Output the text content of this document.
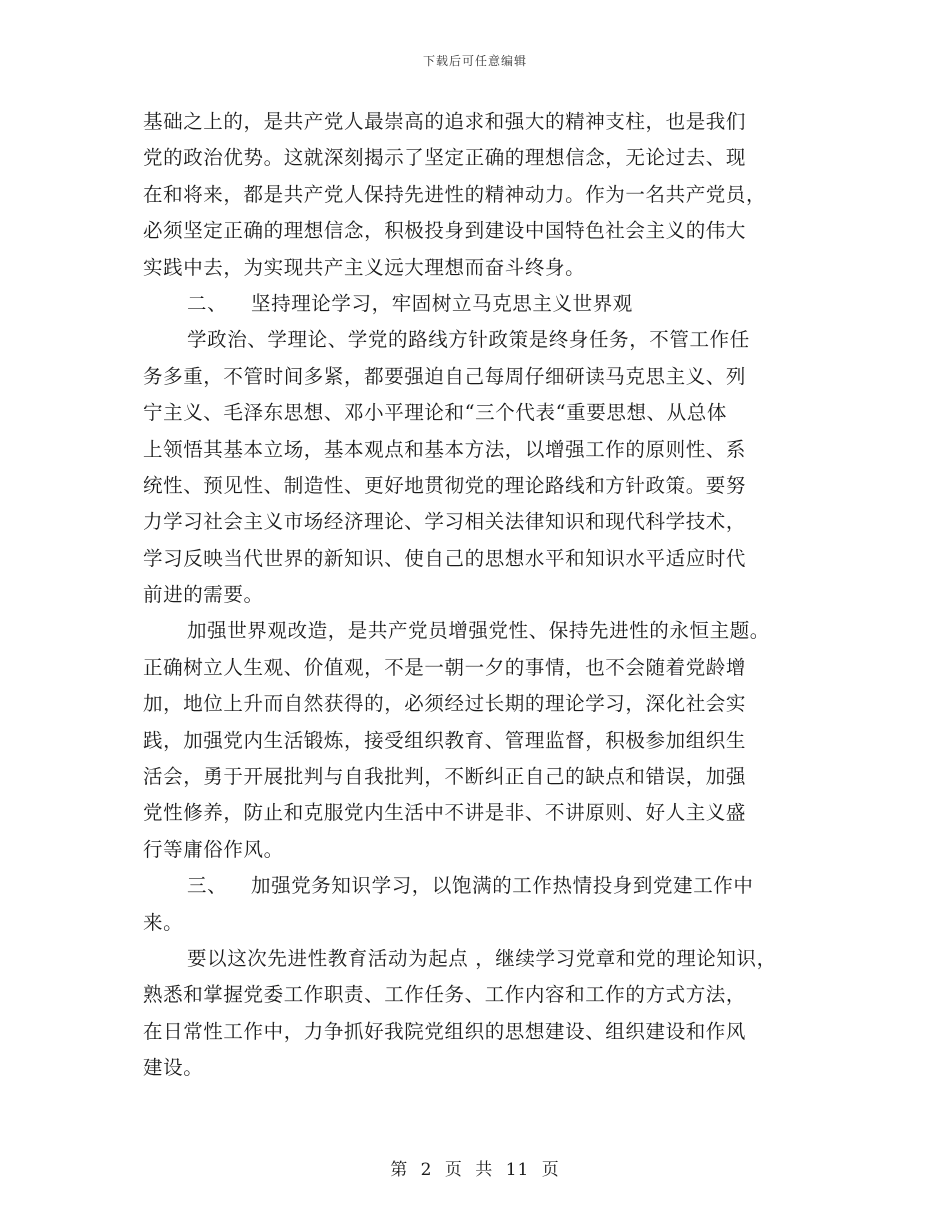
下载后可任意编辑
基础之上的，是共产党人最崇高的追求和强大的精神支柱，也是我们
党的政治优势。这就深刻揭示了坚定正确的理想信念，无论过去、现
在和将来，都是共产党人保持先进性的精神动力。作为一名共产党员，
必须坚定正确的理想信念，积极投身到建设中国特色社会主义的伟大
实践中去，为实现共产主义远大理想而奋斗终身。
二、 坚持理论学习，牢固树立马克思主义世界观
学政治、学理论、学党的路线方针政策是终身任务，不管工作任
务多重，不管时间多紧，都要强迫自己每周仔细研读马克思主义、列
宁主义、毛泽东思想、邓小平理论和“三个代表“重要思想、从总体
上领悟其基本立场，基本观点和基本方法，以增强工作的原则性、系
统性、预见性、制造性、更好地贯彻党的理论路线和方针政策。要努
力学习社会主义市场经济理论、学习相关法律知识和现代科学技术，
学习反映当代世界的新知识、使自己的思想水平和知识水平适应时代
前进的需要。
加强世界观改造，是共产党员增强党性、保持先进性的永恒主题。
正确树立人生观、价值观，不是一朝一夕的事情，也不会随着党龄增
加，地位上升而自然获得的，必须经过长期的理论学习，深化社会实
践，加强党内生活锻炼，接受组织教育、管理监督，积极参加组织生
活会，勇于开展批判与自我批判，不断纠正自己的缺点和错误，加强
党性修养，防止和克服党内生活中不讲是非、不讲原则、好人主义盛
行等庸俗作风。
三、 加强党务知识学习，以饱满的工作热情投身到党建工作中
来。
要以这次先进性教育活动为起点 ，继续学习党章和党的理论知识，
熟悉和掌握党委工作职责、工作任务、工作内容和工作的方式方法，
在日常性工作中，力争抓好我院党组织的思想建设、组织建设和作风
建设。
第 2 页 共 11 页
